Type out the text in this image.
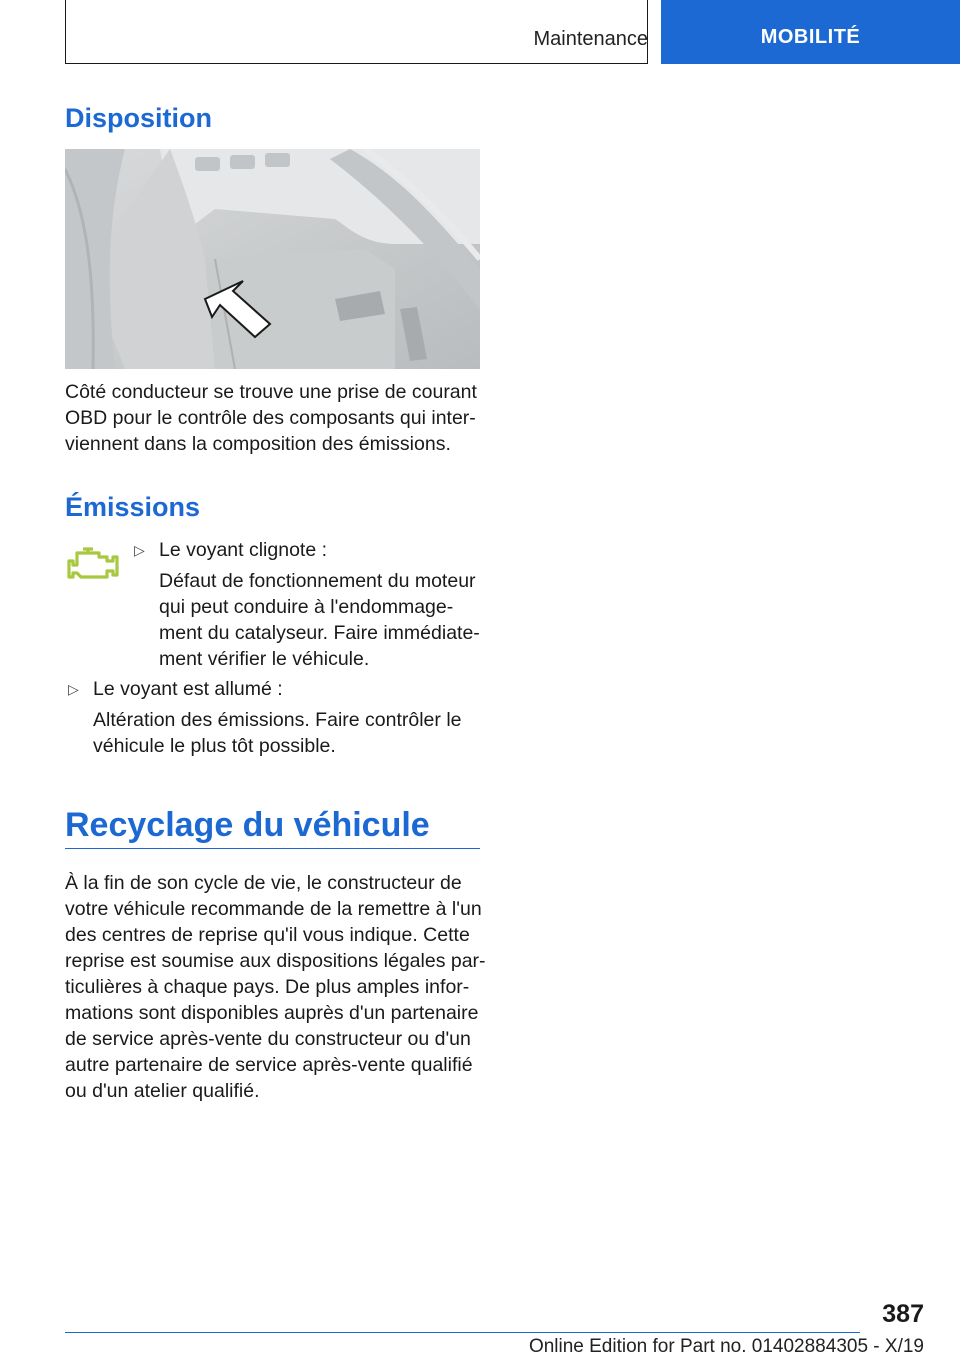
Maintenance	MOBILITÉ
Disposition

Côté conducteur se trouve une prise de courant

OBD pour le contrôle des composants qui inter‐

viennent dans la composition des émissions.

Émissions
▷ Le voyant clignote :

Défaut de fonctionnement du moteur

qui peut conduire à l'endommage‐

ment du catalyseur. Faire immédiate‐

ment vérifier le véhicule.

▷ Le voyant est allumé :

Altération des émissions. Faire contrôler le

véhicule le plus tôt possible.

Recyclage du véhicule

À la fin de son cycle de vie, le constructeur de

votre véhicule recommande de la remettre à l'un

des centres de reprise qu'il vous indique. Cette

reprise est soumise aux dispositions légales par‐

ticulières à chaque pays. De plus amples infor‐

mations sont disponibles auprès d'un partenaire

de service après-vente du constructeur ou d'un

autre partenaire de service après-vente qualifié

ou d'un atelier qualifié.

387
Online Edition for Part no. 01402884305 - X/19
